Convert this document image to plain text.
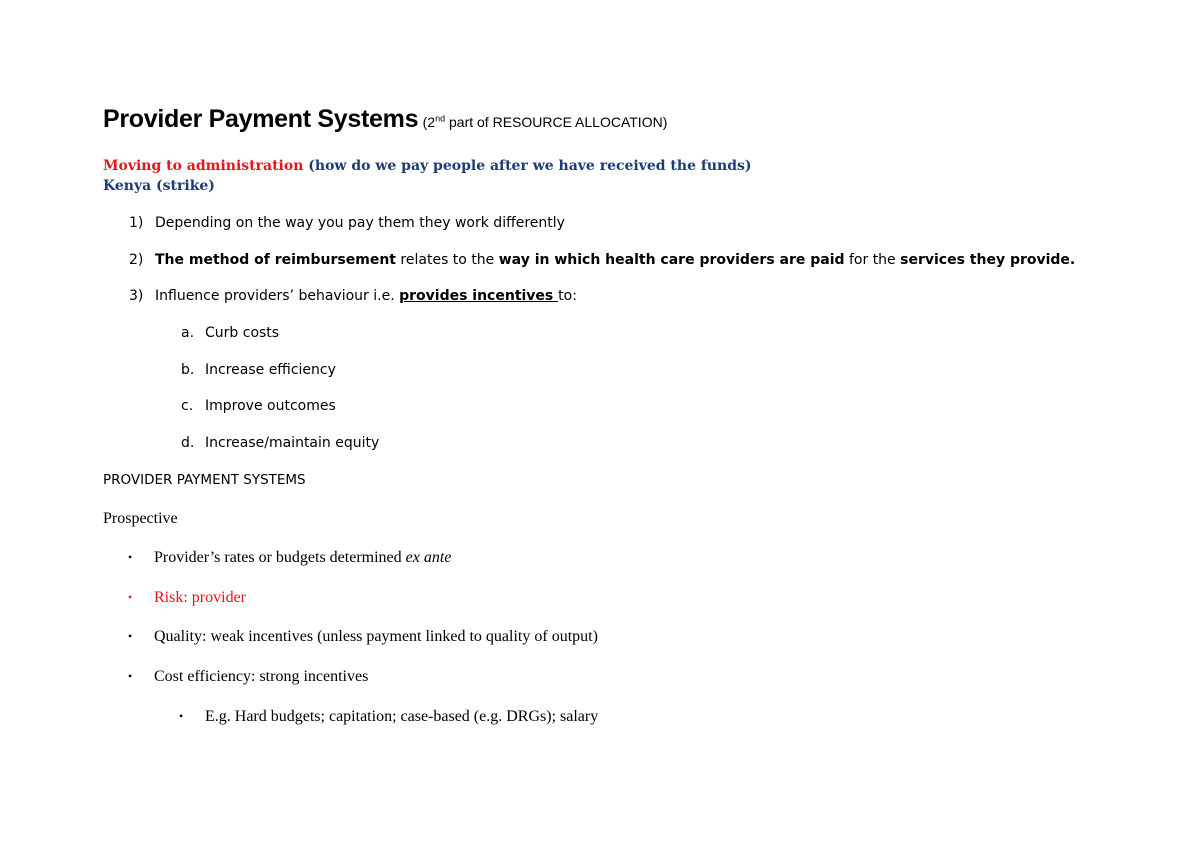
Provider Payment Systems (2nd part of RESOURCE ALLOCATION)
Moving to administration (how do we pay people after we have received the funds)
Kenya (strike)
1) Depending on the way you pay them they work differently
2) The method of reimbursement relates to the way in which health care providers are paid for the services they provide.
3) Influence providers’ behaviour i.e. provides incentives to:
a. Curb costs
b. Increase efficiency
c. Improve outcomes
d. Increase/maintain equity
PROVIDER PAYMENT SYSTEMS
Prospective
• Provider’s rates or budgets determined ex ante
• Risk: provider
• Quality: weak incentives (unless payment linked to quality of output)
• Cost efficiency: strong incentives
• E.g. Hard budgets; capitation; case-based (e.g. DRGs); salary
